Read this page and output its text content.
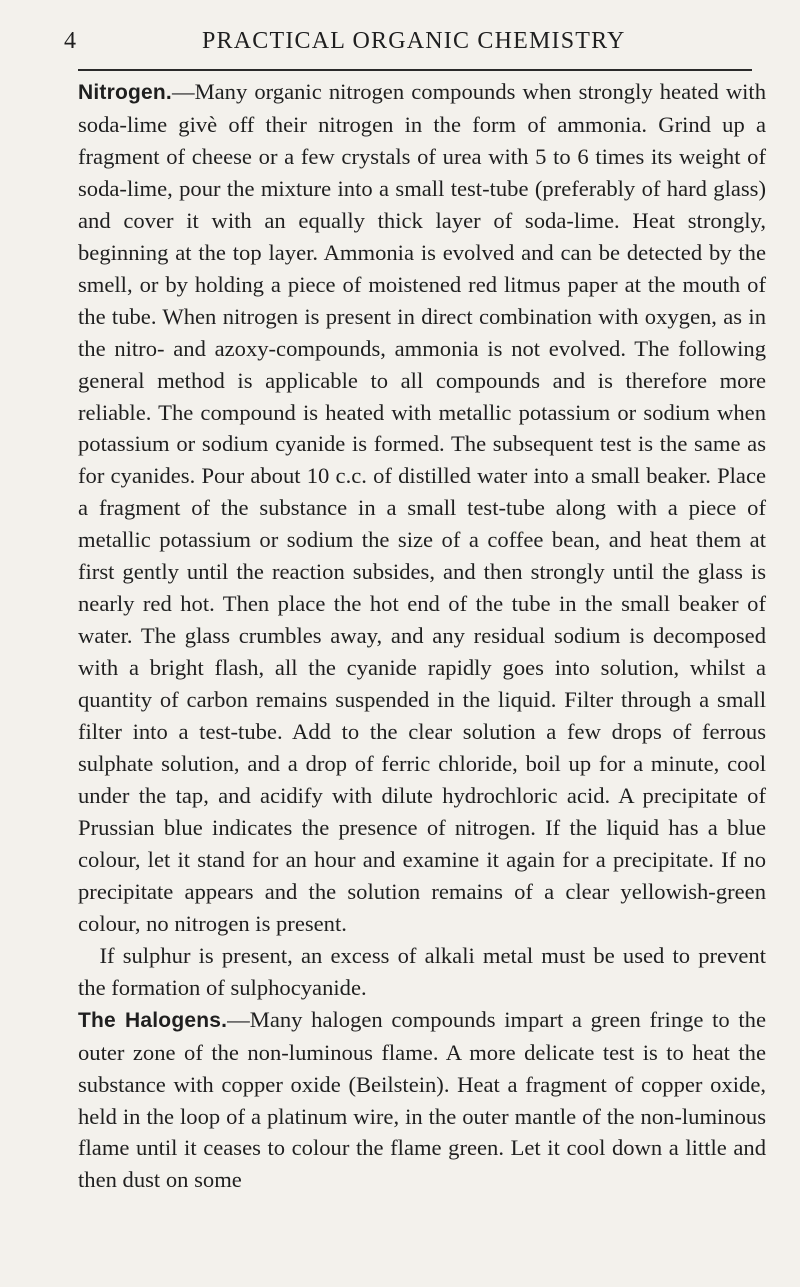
4	PRACTICAL ORGANIC CHEMISTRY

Nitrogen.—Many organic nitrogen compounds when strongly heated with soda-lime givè off their nitrogen in the form of ammonia. Grind up a fragment of cheese or a few crystals of urea with 5 to 6 times its weight of soda-lime, pour the mixture into a small test-tube (preferably of hard glass) and cover it with an equally thick layer of soda-lime. Heat strongly, beginning at the top layer. Ammonia is evolved and can be detected by the smell, or by holding a piece of moistened red litmus paper at the mouth of the tube. When nitrogen is present in direct combination with oxygen, as in the nitro- and azoxy-compounds, ammonia is not evolved. The following general method is applicable to all compounds and is therefore more reliable. The compound is heated with metallic potassium or sodium when potassium or sodium cyanide is formed. The subsequent test is the same as for cyanides. Pour about 10 c.c. of distilled water into a small beaker. Place a fragment of the substance in a small test-tube along with a piece of metallic potassium or sodium the size of a coffee bean, and heat them at first gently until the reaction subsides, and then strongly until the glass is nearly red hot. Then place the hot end of the tube in the small beaker of water. The glass crumbles away, and any residual sodium is decomposed with a bright flash, all the cyanide rapidly goes into solution, whilst a quantity of carbon remains suspended in the liquid. Filter through a small filter into a test-tube. Add to the clear solution a few drops of ferrous sulphate solution, and a drop of ferric chloride, boil up for a minute, cool under the tap, and acidify with dilute hydrochloric acid. A precipitate of Prussian blue indicates the presence of nitrogen. If the liquid has a blue colour, let it stand for an hour and examine it again for a precipitate. If no precipitate appears and the solution remains of a clear yellowish-green colour, no nitrogen is present.

If sulphur is present, an excess of alkali metal must be used to prevent the formation of sulphocyanide.

The Halogens.—Many halogen compounds impart a green fringe to the outer zone of the non-luminous flame. A more delicate test is to heat the substance with copper oxide (Beilstein). Heat a fragment of copper oxide, held in the loop of a platinum wire, in the outer mantle of the non-luminous flame until it ceases to colour the flame green. Let it cool down a little and then dust on some
